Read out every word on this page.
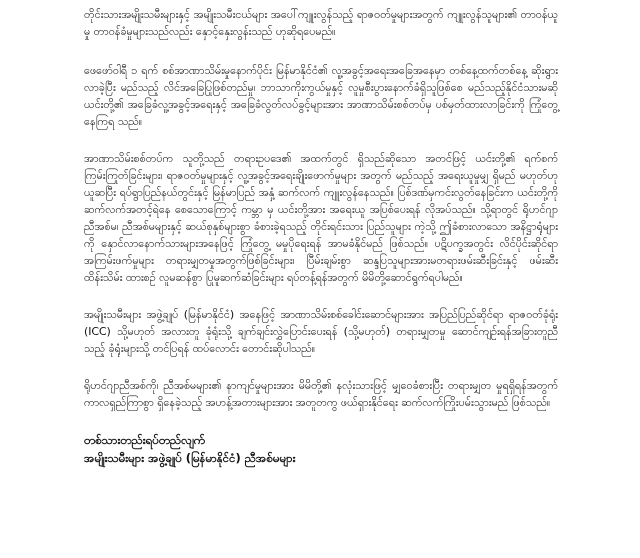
တိုင်းသားအမျိုးသမီးများနှင့် အမျိုးသမီးငယ်များ အပေါ်ကျူးလွန်သည့် ရာဇဝတ်မှုများအတွက် ကျူးလွန်သူများ၏ တာဝန်ယူမှု တာဝန်ခံမှုများသည်လည်း နှောင့်နှေးလွန်းသည် ဟုဆိုရပေမည်။

ဖေဖော်ဝါရီ ၁ ရက် စစ်အာဏာသိမ်းမှုနောက်ပိုင်း မြန်မာနိုင်ငံ၏ လူ့အခွင့်အရေးအခြေအနေမှာ တစ်နေ့ထက်တစ်နေ့ ဆိုးရွားလာခဲ့ပြီး မည်သည့် လိင်အခြေပြုဖြစ်တည်မှု၊ ဘာသာကိုးကွယ်မှုနှင့် လူမှုစီးပွားနောက်ခံရှိသူဖြစ်စေ မည်သည့်နိုင်ငံသားမဆို ယင်းတို့၏ အခြေခံလူ့အခွင့်အရေးနှင့် အခြေခံလွတ်လပ်ခွင့်များအား အာဏာသိမ်းစစ်တပ်မှ ပစ်မှတ်ထားလာခြင်းကို ကြုံတွေ့နေကြရ သည်။

အာဏာသိမ်းစစ်တပ်က သူတို့သည် တရားဥပဒေ၏ အထက်တွင် ရှိသည်ဆိုသော အတင်ဖြင့် ယင်းတို့၏ ရက်စက်ကြမ်းကြုတ်ခြင်းများ၊ ရာဇဝတ်မှုများနှင့် လူ့အခွင့်အရေးချိုးဖောက်မှုများ အတွက် မည်သည့် အရေးယူမှုမျှ ရှိမည် မဟုတ်ဟု ယူဆပြီး ရပ်ရွာပြည်နယ်တွင်းနှင့် မြန်မာပြည် အနှံ့ ဆက်လက် ကျူးလွန်နေသည်။ ပြစ်ဒဏ်မှကင်းလွတ်နေခြင်းက ယင်းတို့ကို ဆက်လက်အတင့်ရဲနေ စေသောကြောင့် ကမ္ဘာ မှ ယင်းတို့အား အရေးယူ အပြစ်ပေးရန် လိုအပ်သည်။ သို့ရာတွင် ရိုဟင်ဂျာ ညီအစ်မ၊ ညီအစ်မများနှင့် ဆယ်စုနှစ်များစွာ ခံစားခဲ့ရသည့် တိုင်းရင်းသား ပြည်သူများ ကဲ့သို့ ဤခံစားလာသော အနိဋ္ဌာရုံများကို နှောင်လာနောက်သားများအနေဖြင့် ကြုံတွေ့ မမှုပိုရေးရန် အာမခံနိုင်မည် ဖြစ်သည်။ ပဋိပက္ခအတွင်း လိင်ပိုင်းဆိုင်ရာ အကြမ်းဖက်မှုများ တရားမျှတမှုအတွက်ဖြစ်ခြင်းများ၊ ပြီမ်းချမ်းစွာ ဆန္ဒပြသူများအားမတရားဖမ်းဆီးခြင်းနှင့် ဖမ်းဆီးထိန်းသိမ်း ထားစဉ် လူမဆန်စွာ ပြုမူဆက်ဆံခြင်းများ ရပ်တန့်ရန်အတွက် မိမိတို့ဆောင်ရွက်ရပါမည်။

အမျိုးသမီးများ အဖွဲ့ချုပ် (မြန်မာနိုင်ငံ) အနေဖြင့် အာဏာသိမ်းစစ်ခေါင်းဆောင်များအား အပြည်ပြည်ဆိုင်ရာ ရာဇဝတ်ခုံရုံး (ICC) သို့မဟုတ် အလားတူ ခုံရုံးသို့ ချက်ချင်းလွှဲပြောင်းပေးရန် (သို့မဟုတ်) တရားမျှတမှု ဆောင်ကျဉ်းရန်အခြားတူညီသည့် ခုံရုံးများသို့ တင်ပြရန် ထပ်လောင်း တောင်းဆိုပါသည်။

ရိုဟင်ဂျာညီအစ်ကို၊ ညီအစ်မများ၏ နာကျင်မှုများအား မိမိတို့၏ နလုံးသားဖြင့် မျှဝေခံစားပြီး တရားမျှတ မှုရရှိရန်အတွက် ကာလရှည်ကြာစွာ ရှိနေခဲ့သည့် အဟန့်အတားများအား အတူတကွ ဖယ်ရှားနိုင်ရေး ဆက်လက်ကြိုးပမ်းသွားမည် ဖြစ်သည်။

တစ်သားတည်းရပ်တည်လျက်
အမျိုးသမီးများ အဖွဲ့ချုပ် (မြန်မာနိုင်ငံ) ညီအစ်မများ
